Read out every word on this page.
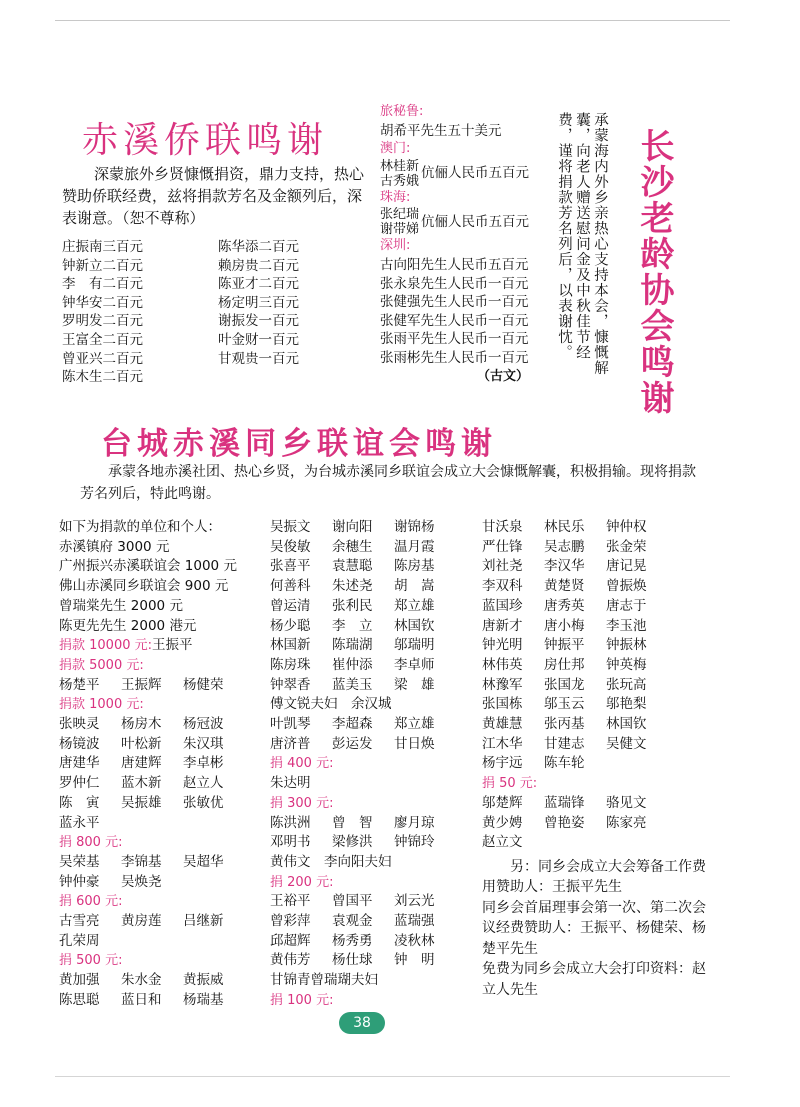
赤溪侨联鸣谢
深蒙旅外乡贤慷慨捐资，鼎力支持，热心赞助侨联经费，兹将捐款芳名及金额列后，深表谢意。（恕不尊称）
庄振南三百元
钟新立二百元
李　有二百元
钟华安二百元
罗明发二百元
王富全二百元
曾亚兴二百元
陈木生二百元
陈华添二百元
赖房贵二百元
陈亚才二百元
杨定明三百元
谢振发一百元
叶金财一百元
甘观贵一百元
旅秘鲁:
胡希平先生五十美元
澳门:
林桂新
古秀娥 伉俪人民币五百元
珠海:
张纪瑞
谢带娣 伉俪人民币五百元
深圳:
古向阳先生人民币五百元
张永泉先生人民币一百元
张健强先生人民币一百元
张健军先生人民币一百元
张雨平先生人民币一百元
张雨彬先生人民币一百元
（古文）	长沙老龄协会鸣谢
承蒙海内外乡亲热心支持本会，慷慨解囊，向老人赠送慰问金及中秋佳节经费，谨将捐款芳名列后，以表谢忱。
台城赤溪同乡联谊会鸣谢
承蒙各地赤溪社团、热心乡贤，为台城赤溪同乡联谊会成立大会慷慨解囊，积极捐输。现将捐款芳名列后，特此鸣谢。
如下为捐款的单位和个人：
赤溪镇府 3000 元
广州振兴赤溪联谊会 1000 元
佛山赤溪同乡联谊会 900 元
曾瑞棠先生 2000 元
陈更先先生 2000 港元
捐款 10000 元:王振平
捐款 5000 元:
杨楚平 王振辉 杨健荣
捐款 1000 元:
张映灵 杨房木 杨冠波
杨镜波 叶松新 朱汉琪
唐建华 唐建辉 李卓彬
罗仲仁 蓝木新 赵立人
陈　寅 吴振雄 张敏优
蓝永平
捐 800 元:
吴荣基 李锦基 吴超华
钟仲豪 吴焕尧
捐 600 元:
古雪亮 黄房莲 吕继新
孔荣周
捐 500 元:
黄加强 朱水金 黄振威
陈思聪 蓝日和 杨瑞基
吴振文 谢向阳 谢锦杨
吴俊敏 余穗生 温月霞
张喜平 袁慧聪 陈房基
何善科 朱述尧 胡　嵩
曾运清 张利民 郑立雄
杨少聪 李　立 林国钦
林国新 陈瑞湖 邬瑞明
陈房珠 崔仲添 李卓师
钟翠香 蓝美玉 梁　雄
傅文锐夫妇　余汉城
叶凯琴 李超森 郑立雄
唐济普 彭运发 甘日焕
捐 400 元:
朱达明
捐 300 元:
陈洪洲 曾　智 廖月琼
邓明书 梁修洪 钟锦玲
黄伟文　李向阳夫妇
捐 200 元:
王裕平 曾国平 刘云光
曾彩萍 袁观金 蓝瑞强
邱超辉 杨秀勇 凌秋林
黄伟芳 杨仕球 钟　明
甘锦青曾瑞瑚夫妇
捐 100 元:
甘沃泉 林民乐 钟仲权
严仕锋 吴志鹏 张金荣
刘社尧 李汉华 唐记晃
李双科 黄楚贤 曾振焕
蓝国珍 唐秀英 唐志于
唐新才 唐小梅 李玉池
钟光明 钟振平 钟振林
林伟英 房仕邦 钟英梅
林豫军 张国龙 张玩高
张国栋 邬玉云 邬艳梨
黄雄慧 张丙基 林国钦
江木华 甘建志 吴健文
杨宇远 陈车轮
捐 50 元:
邬楚辉 蓝瑞锋 骆见文
黄少娉 曾艳姿 陈家亮
赵立文
另：同乡会成立大会筹备工作费用赞助人：王振平先生
同乡会首届理事会第一次、第二次会议经费赞助人：王振平、杨健荣、杨楚平先生
免费为同乡会成立大会打印资料：赵立人先生
38
